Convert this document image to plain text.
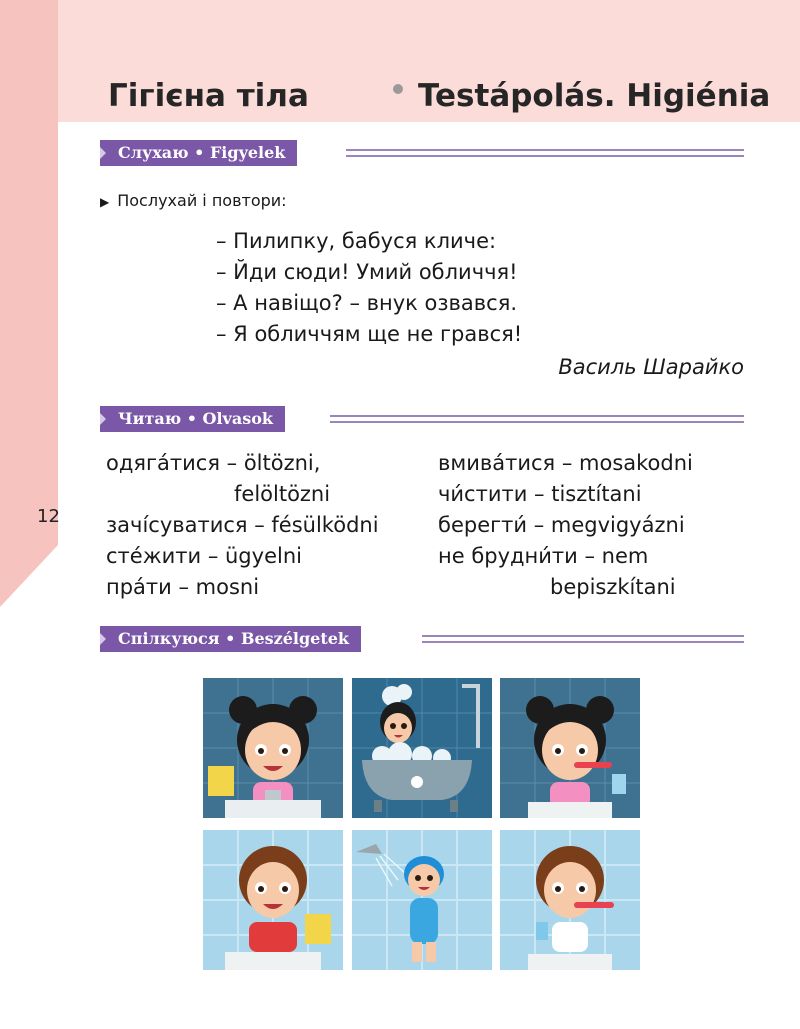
Гігієна тіла	Testápolás. Higiénia
Слухаю • Figyelek
▶ Послухай і повтори:
– Пилипку, бабуся кличе:
– Йди сюди! Умий обличчя!
– А навіщо? – внук озвався.
– Я обличчям ще не грався!
Василь Шарайко
Читаю • Olvasok
одяга́тися – öltözni,
felöltözni
зачі́суватися – fésülködni
сте́жити – ügyelni
пра́ти – mosni
вмива́тися – mosakodni
чи́стити – tisztítani
берегти́ – megvigyázni
не брудни́ти – nem
bepiszkítani
12
Спілкуюся • Beszélgetek
